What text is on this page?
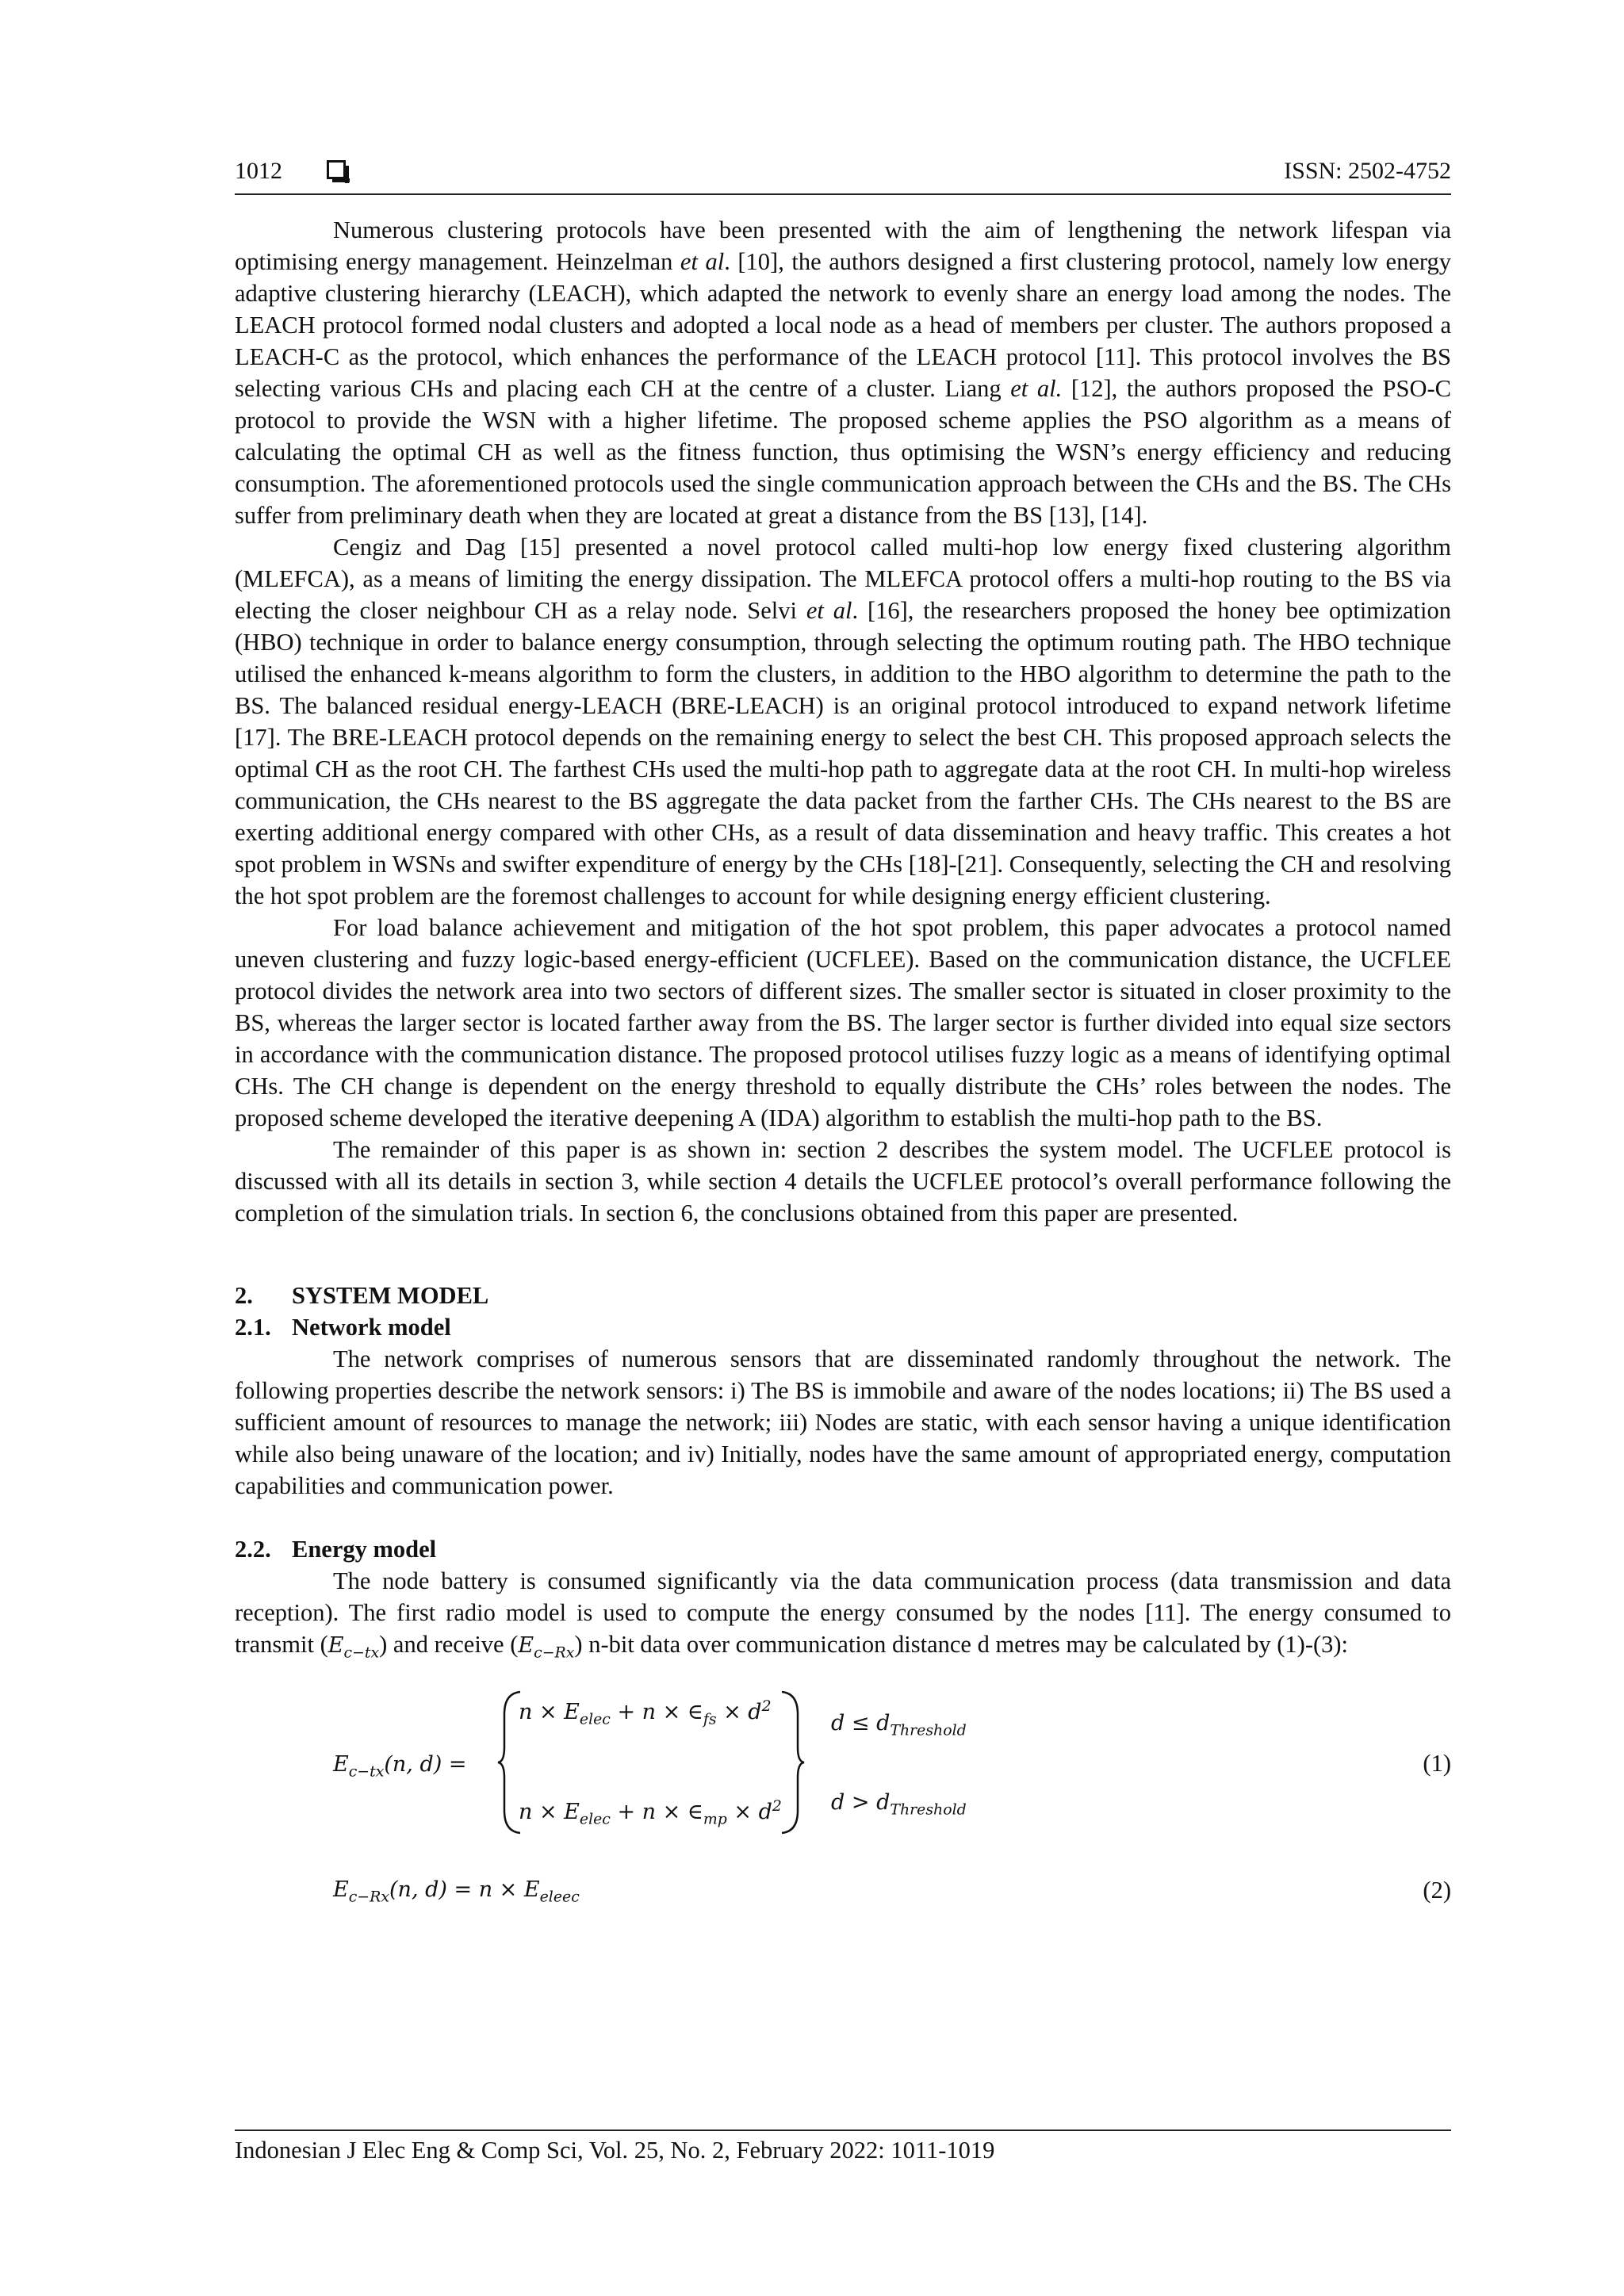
1012	ISSN: 2502-4752

Numerous clustering protocols have been presented with the aim of lengthening the network lifespan via optimising energy management. Heinzelman et al. [10], the authors designed a first clustering protocol, namely low energy adaptive clustering hierarchy (LEACH), which adapted the network to evenly share an energy load among the nodes. The LEACH protocol formed nodal clusters and adopted a local node as a head of members per cluster. The authors proposed a LEACH-C as the protocol, which enhances the performance of the LEACH protocol [11]. This protocol involves the BS selecting various CHs and placing each CH at the centre of a cluster. Liang et al. [12], the authors proposed the PSO-C protocol to provide the WSN with a higher lifetime. The proposed scheme applies the PSO algorithm as a means of calculating the optimal CH as well as the fitness function, thus optimising the WSN’s energy efficiency and reducing consumption. The aforementioned protocols used the single communication approach between the CHs and the BS. The CHs suffer from preliminary death when they are located at great a distance from the BS [13], [14].

Cengiz and Dag [15] presented a novel protocol called multi-hop low energy fixed clustering algorithm (MLEFCA), as a means of limiting the energy dissipation. The MLEFCA protocol offers a multi-hop routing to the BS via electing the closer neighbour CH as a relay node. Selvi et al. [16], the researchers proposed the honey bee optimization (HBO) technique in order to balance energy consumption, through selecting the optimum routing path. The HBO technique utilised the enhanced k-means algorithm to form the clusters, in addition to the HBO algorithm to determine the path to the BS. The balanced residual energy-LEACH (BRE-LEACH) is an original protocol introduced to expand network lifetime [17]. The BRE-LEACH protocol depends on the remaining energy to select the best CH. This proposed approach selects the optimal CH as the root CH. The farthest CHs used the multi-hop path to aggregate data at the root CH. In multi-hop wireless communication, the CHs nearest to the BS aggregate the data packet from the farther CHs. The CHs nearest to the BS are exerting additional energy compared with other CHs, as a result of data dissemination and heavy traffic. This creates a hot spot problem in WSNs and swifter expenditure of energy by the CHs [18]-[21]. Consequently, selecting the CH and resolving the hot spot problem are the foremost challenges to account for while designing energy efficient clustering.

For load balance achievement and mitigation of the hot spot problem, this paper advocates a protocol named uneven clustering and fuzzy logic-based energy-efficient (UCFLEE). Based on the communication distance, the UCFLEE protocol divides the network area into two sectors of different sizes. The smaller sector is situated in closer proximity to the BS, whereas the larger sector is located farther away from the BS. The larger sector is further divided into equal size sectors in accordance with the communication distance. The proposed protocol utilises fuzzy logic as a means of identifying optimal CHs. The CH change is dependent on the energy threshold to equally distribute the CHs’ roles between the nodes. The proposed scheme developed the iterative deepening A (IDA) algorithm to establish the multi-hop path to the BS.

The remainder of this paper is as shown in: section 2 describes the system model. The UCFLEE protocol is discussed with all its details in section 3, while section 4 details the UCFLEE protocol’s overall performance following the completion of the simulation trials. In section 6, the conclusions obtained from this paper are presented.

2. SYSTEM MODEL
2.1. Network model

The network comprises of numerous sensors that are disseminated randomly throughout the network. The following properties describe the network sensors: i) The BS is immobile and aware of the nodes locations; ii) The BS used a sufficient amount of resources to manage the network; iii) Nodes are static, with each sensor having a unique identification while also being unaware of the location; and iv) Initially, nodes have the same amount of appropriated energy, computation capabilities and communication power.

2.2. Energy model

The node battery is consumed significantly via the data communication process (data transmission and data reception). The first radio model is used to compute the energy consumed by the nodes [11]. The energy consumed to transmit $(E_{c-tx})$ and receive $(E_{c-Rx})$ n-bit data over communication distance d metres may be calculated by (1)-(3):

$E_{c-tx}(n$, d) =
$n \times E_{elec} + n$ × $\in_{fs} \times d^2$
$n \times E_{elec} + n$ × $\in_{mp} \times d^2$
$d \le d_{Threshold}$
$d > d_{Threshold}$
(1)
$E_{c-Rx}(n$, $d) = n \times E_{eleec}$	(2)
Indonesian J Elec Eng & Comp Sci, Vol. 25, No. 2, February 2022: 1011-1019
